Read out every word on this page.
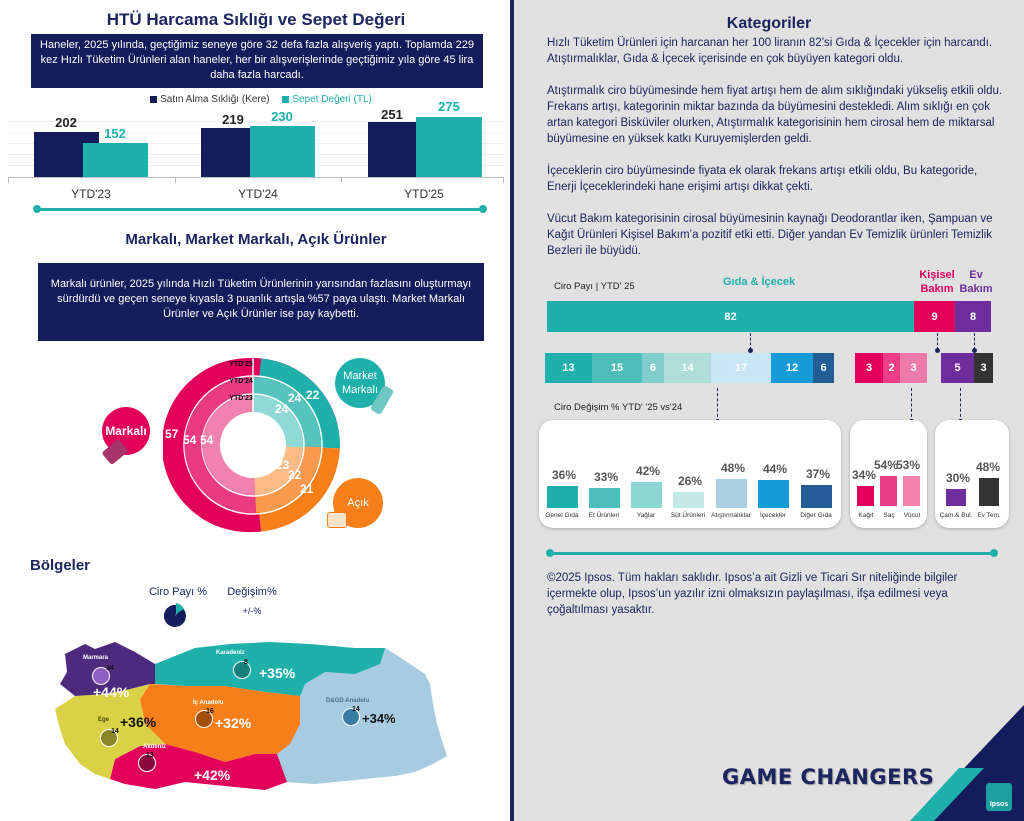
HTÜ Harcama Sıklığı ve Sepet Değeri
Haneler, 2025 yılında, geçtiğimiz seneye göre 32 defa fazla alışveriş yaptı. Toplamda 229 kez Hızlı Tüketim Ürünleri alan haneler, her bir alışverişlerinde geçtiğimiz yıla göre 45 lira daha fazla harcadı.
Satın Alma Sıklığı (Kere) Sepet Değeri (TL)
202
152
219	230	251
275
YTD'23	YTD'24	YTD'25
Markalı, Market Markalı, Açık Ürünler
Markalı ürünler, 2025 yılında Hızlı Tüketim Ürünlerinin yarısından fazlasını oluşturmayı sürdürdü ve geçen seneye kıyasla 3 puanlık artışla %57 paya ulaştı. Market Markalı Ürünler ve Açık Ürünler ise pay kaybetti.
YTD'25
YTD'24
YTD'23
57 54 54
22
24
24
23
22
21
Markalı
Market Markalı
Açık
Bölgeler
Ciro Payı %	Değişim%
+/-%
Marmara
34
+44%
Karadeniz
8
+35%
Ege
14
+36%
İç Anadolu
16
+32%
Akdeniz
13
+42%
D&GD Anadolu
14
+34%
Kategoriler
Hızlı Tüketim Ürünleri için harcanan her 100 liranın 82’si Gıda & İçecekler için harcandı. Atıştırmalıklar, Gıda & İçecek içerisinde en çok büyüyen kategori oldu.
Atıştırmalık ciro büyümesinde hem fiyat artışı hem de alım sıklığındaki yükseliş etkili oldu. Frekans artışı, kategorinin miktar bazında da büyümesini destekledi. Alım sıklığı en çok artan kategori Bisküviler olurken, Atıştırmalık kategorisinin hem cirosal hem de miktarsal büyümesine en yüksek katkı Kuruyemişlerden geldi.
İçeceklerin ciro büyümesinde fiyata ek olarak frekans artışı etkili oldu, Bu kategoride, Enerji İçeceklerindeki hane erişimi artışı dikkat çekti.
Vücut Bakım kategorisinin cirosal büyümesinin kaynağı Deodorantlar iken, Şampuan ve Kağıt Ürünleri Kişisel Bakım’a pozitif etki etti. Diğer yandan Ev Temizlik ürünleri Temizlik Bezleri ile büyüdü.
Ciro Payı | YTD' 25	Gıda & İçecek
Kişisel Bakım
Ev Bakım
82	9	8
13	15	6	14	17	12	6	3	2	3	5	3
Ciro Değişim % YTD' '25 vs'24
36%
Genel Gıda
33%
Et Ürünleri
42%
Yağlar
26%
Süt Ürünleri
48%
Atıştırmalıklar
44%
İçecekler
37%
Diğer Gıda
34%
Kağıt
54%
Saç
53%
Vücut
30%
Çam.& Bul.
48%
Ev Tem.
©2025 Ipsos. Tüm hakları saklıdır. Ipsos’a ait Gizli ve Ticari Sır niteliğinde bilgiler içermekte olup, Ipsos’un yazılır izni olmaksızın paylaşılması, ifşa edilmesi veya çoğaltılması yasaktır.
GAME CHANGERS
Ipsos
